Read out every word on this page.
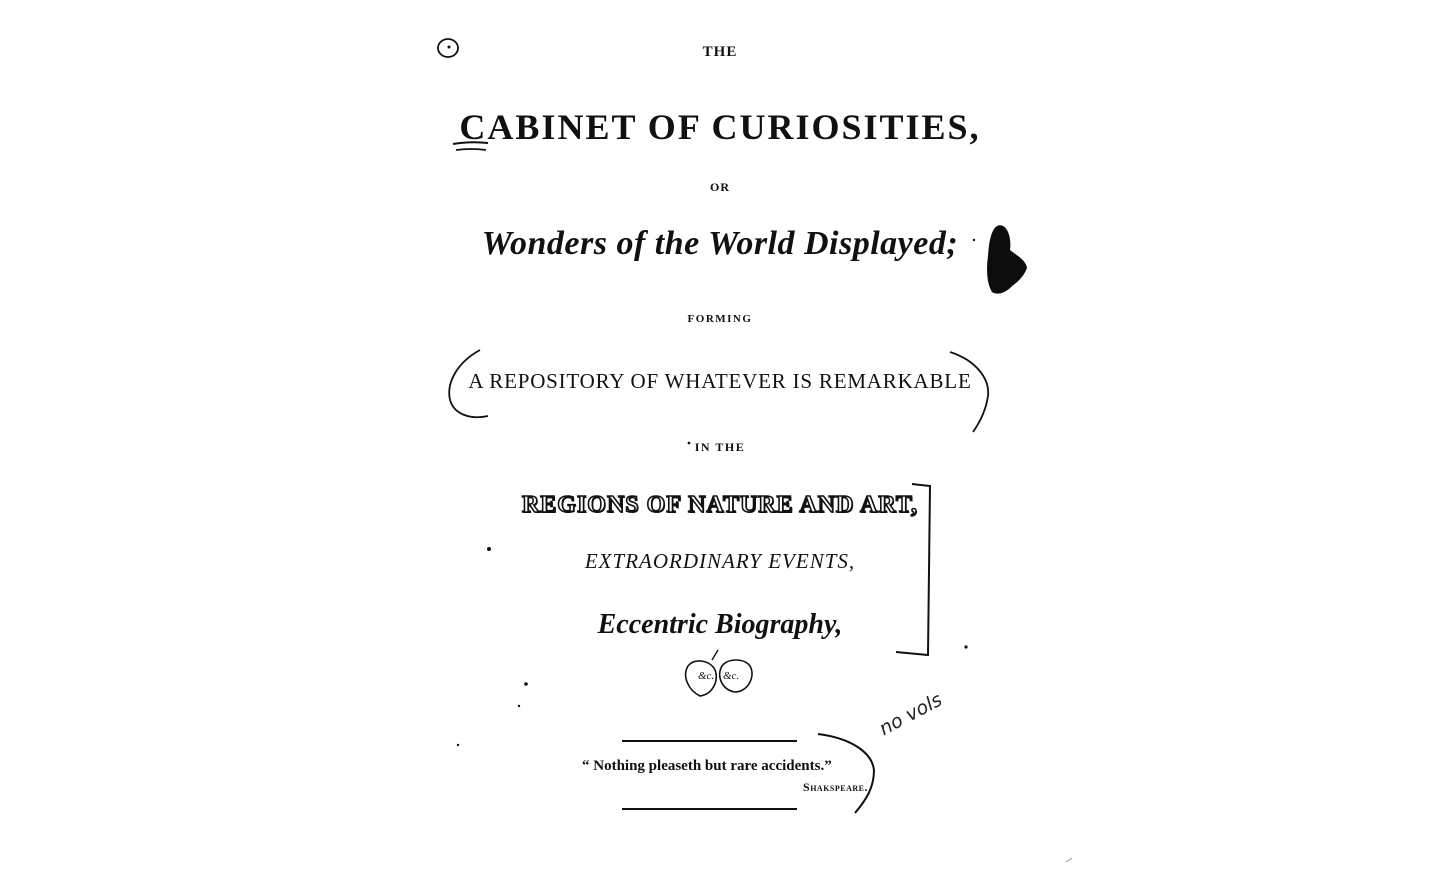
THE

CABINET OF CURIOSITIES,

OR

Wonders of the World Displayed;

FORMING

A REPOSITORY OF WHATEVER IS REMARKABLE

IN THE

REGIONS OF NATURE AND ART,

EXTRAORDINARY EVENTS,

Eccentric Biography,

&c. &c.

“ Nothing pleaseth but rare accidents.”

Shakspeare.

no vols
